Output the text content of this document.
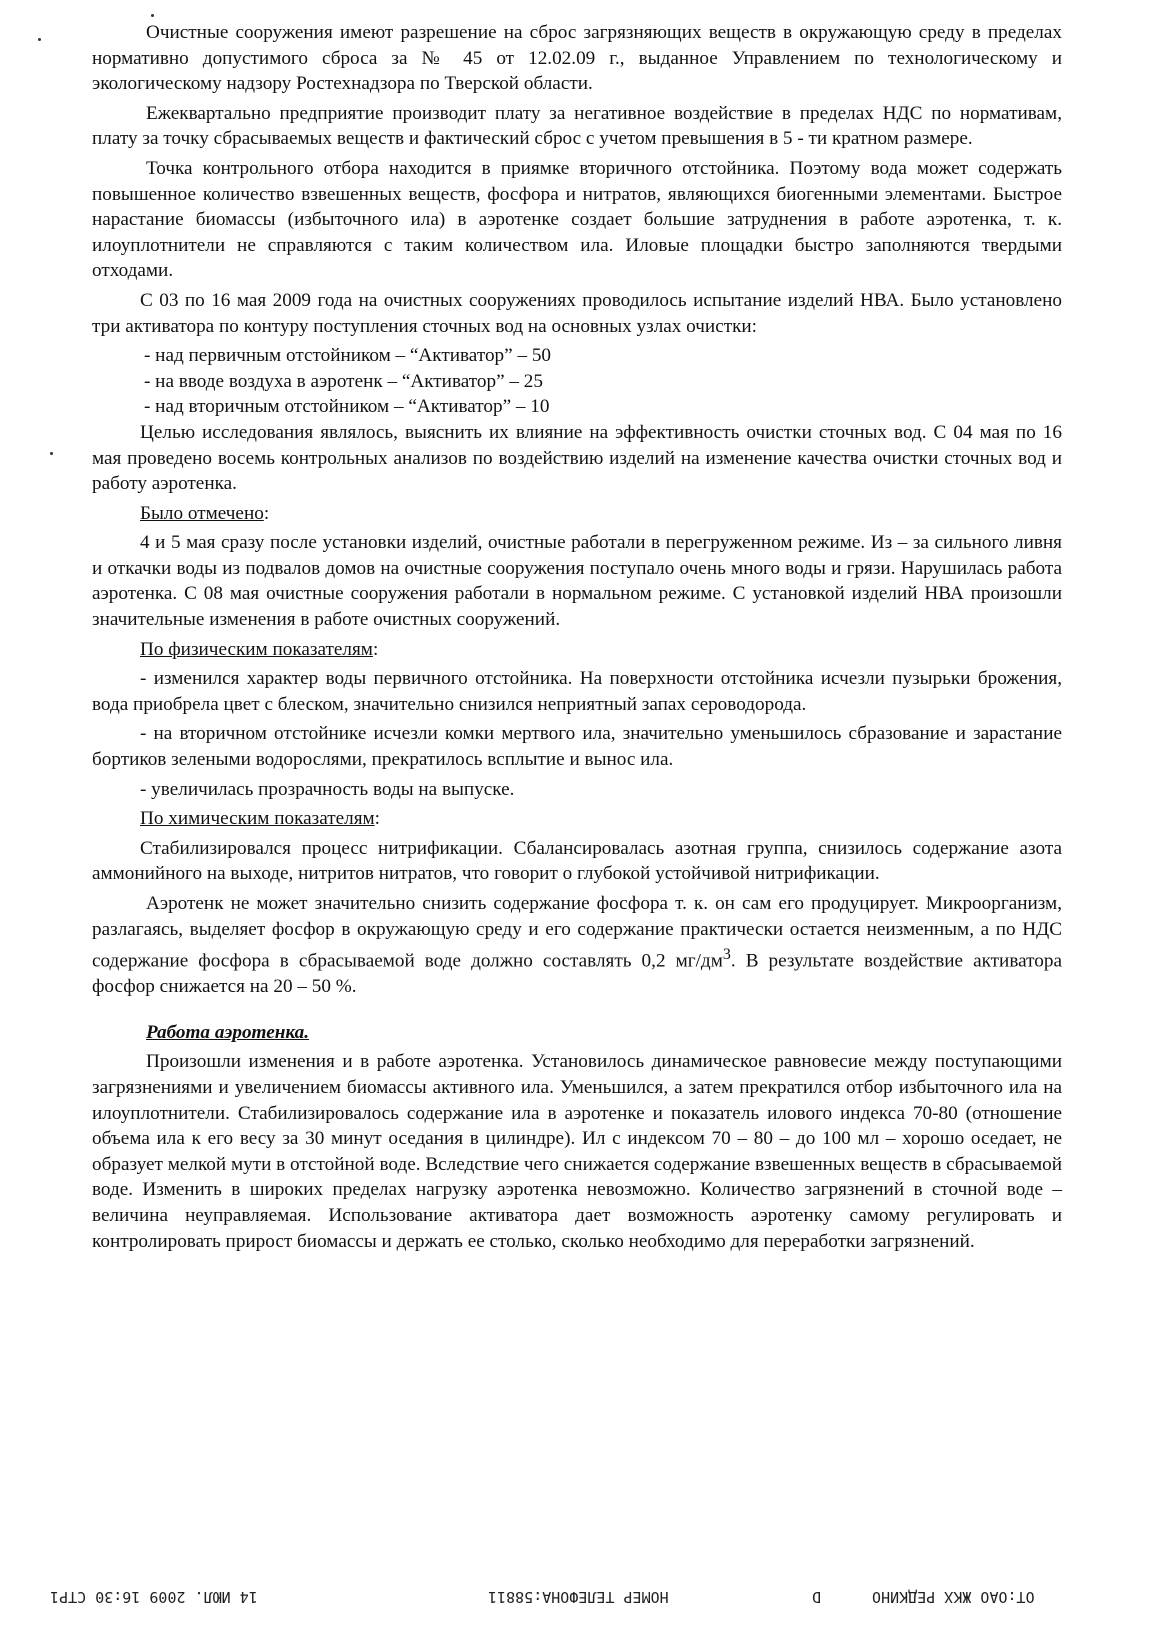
Очистные сооружения имеют разрешение на сброс загрязняющих веществ в окружающую среду в пределах нормативно допустимого сброса за № 45 от 12.02.09 г., выданное Управлением по технологическому и экологическому надзору Ростехнадзора по Тверской области.

Ежеквартально предприятие производит плату за негативное воздействие в пределах НДС по нормативам, плату за точку сбрасываемых веществ и фактический сброс с учетом превышения в 5 - ти кратном размере.

Точка контрольного отбора находится в приямке вторичного отстойника. Поэтому вода может содержать повышенное количество взвешенных веществ, фосфора и нитратов, являющихся биогенными элементами. Быстрое нарастание биомассы (избыточного ила) в аэротенке создает большие затруднения в работе аэротенка, т. к. илоуплотнители не справляются с таким количеством ила. Иловые площадки быстро заполняются твердыми отходами.

С 03 по 16 мая 2009 года на очистных сооружениях проводилось испытание изделий НВА. Было установлено три активатора по контуру поступления сточных вод на основных узлах очистки:

- над первичным отстойником – “Активатор” – 50

- на вводе воздуха в аэротенк – “Активатор” – 25

- над вторичным отстойником – “Активатор” – 10

Целью исследования являлось, выяснить их влияние на эффективность очистки сточных вод. С 04 мая по 16 мая проведено восемь контрольных анализов по воздействию изделий на изменение качества очистки сточных вод и работу аэротенка.

Было отмечено:

4 и 5 мая сразу после установки изделий, очистные работали в перегруженном режиме. Из – за сильного ливня и откачки воды из подвалов домов на очистные сооружения поступало очень много воды и грязи. Нарушилась работа аэротенка. С 08 мая очистные сооружения работали в нормальном режиме. С установкой изделий НВА произошли значительные изменения в работе очистных сооружений.

По физическим показателям:

- изменился характер воды первичного отстойника. На поверхности отстойника исчезли пузырьки брожения, вода приобрела цвет с блеском, значительно снизился неприятный запах сероводорода.

- на вторичном отстойнике исчезли комки мертвого ила, значительно уменьшилось сбразование и зарастание бортиков зелеными водорослями, прекратилось всплытие и вынос ила.

- увеличилась прозрачность воды на выпуске.

По химическим показателям:

Стабилизировался процесс нитрификации. Сбалансировалась азотная группа, снизилось содержание азота аммонийного на выходе, нитритов нитратов, что говорит о глубокой устойчивой нитрификации.

Аэротенк не может значительно снизить содержание фосфора т. к. он сам его продуцирует. Микроорганизм, разлагаясь, выделяет фосфор в окружающую среду и его содержание практически остается неизменным, а по НДС содержание фосфора в сбрасываемой воде должно составлять 0,2 $мг/дм^3$. В результате воздействие активатора фосфор снижается на 20 – 50 %.

Работа аэротенка.

Произошли изменения и в работе аэротенка. Установилось динамическое равновесие между поступающими загрязнениями и увеличением биомассы активного ила. Уменьшился, а затем прекратился отбор избыточного ила на илоуплотнители. Стабилизировалось содержание ила в аэротенке и показатель илового индекса 70-80 (отношение объема ила к его весу за 30 минут оседания в цилиндре). Ил с индексом 70 – 80 – до 100 мл – хорошо оседает, не образует мелкой мути в отстойной воде. Вследствие чего снижается содержание взвешенных веществ в сбрасываемой воде. Изменить в широких пределах нагрузку аэротенка невозможно. Количество загрязнений в сточной воде – величина неуправляемая. Использование активатора дает возможность аэротенку самому регулировать и контролировать прирост биомассы и держать ее столько, сколько необходимо для переработки загрязнений.

14 ИЮЛ. 2009 16:30 СТР1	НОМЕР ТЕЛЕФОНА:58811	D	ОТ:ОАО ЖКХ РЕДКИНО
